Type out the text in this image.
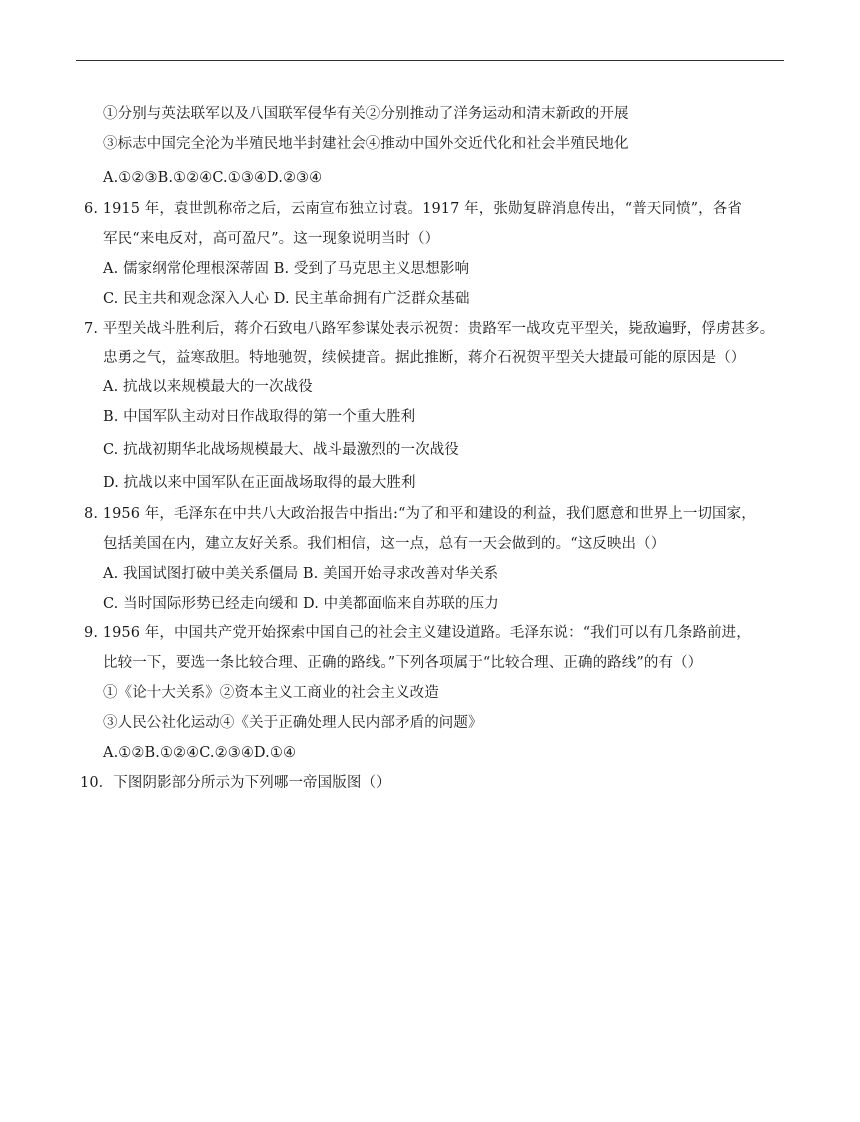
①分别与英法联军以及八国联军侵华有关②分别推动了洋务运动和清末新政的开展
③标志中国完全沦为半殖民地半封建社会④推动中国外交近代化和社会半殖民地化
A.①②③B.①②④C.①③④D.②③④
6. 1915 年，袁世凯称帝之后，云南宣布独立讨袁。1917 年，张勋复辟消息传出，“普天同愤”，各省
军民“来电反对，高可盈尺”。这一现象说明当时（）
A. 儒家纲常伦理根深蒂固 B. 受到了马克思主义思想影响
C. 民主共和观念深入人心 D. 民主革命拥有广泛群众基础
7. 平型关战斗胜利后，蒋介石致电八路军参谋处表示祝贺：贵路军一战攻克平型关，毙敌遍野，俘虏甚多。
忠勇之气，益寒敌胆。特地驰贺，续候捷音。据此推断，蒋介石祝贺平型关大捷最可能的原因是（）
A. 抗战以来规模最大的一次战役
B. 中国军队主动对日作战取得的第一个重大胜利
C. 抗战初期华北战场规模最大、战斗最激烈的一次战役
D. 抗战以来中国军队在正面战场取得的最大胜利
8. 1956 年，毛泽东在中共八大政治报告中指出:“为了和平和建设的利益，我们愿意和世界上一切国家，
包括美国在内，建立友好关系。我们相信，这一点，总有一天会做到的。“这反映出（）
A. 我国试图打破中美关系僵局 B. 美国开始寻求改善对华关系
C. 当时国际形势已经走向缓和 D. 中美都面临来自苏联的压力
9. 1956 年，中国共产党开始探索中国自己的社会主义建设道路。毛泽东说：“我们可以有几条路前进，
比较一下，要选一条比较合理、正确的路线。”下列各项属于“比较合理、正确的路线”的有（）
①《论十大关系》②资本主义工商业的社会主义改造
③人民公社化运动④《关于正确处理人民内部矛盾的问题》
A.①②B.①②④C.②③④D.①④
10．下图阴影部分所示为下列哪一帝国版图（）
